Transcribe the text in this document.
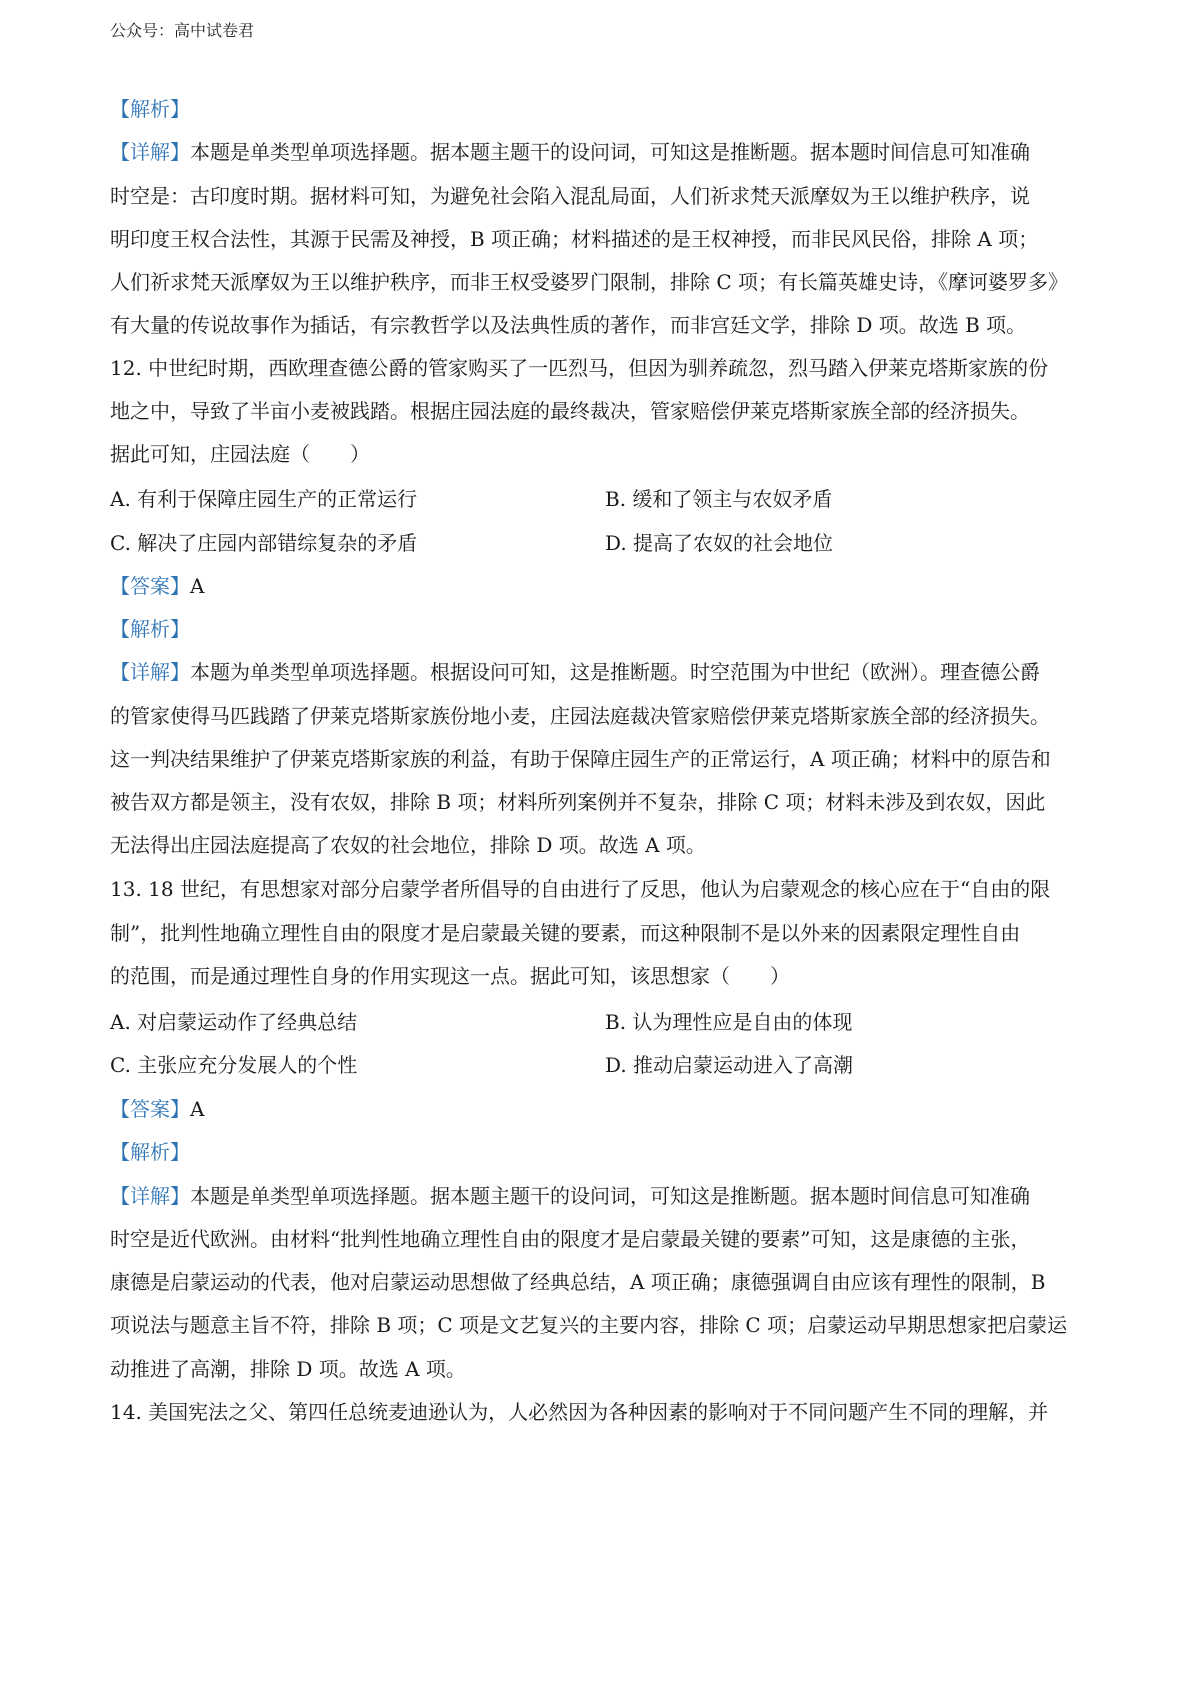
公众号：高中试卷君
【解析】
【详解】本题是单类型单项选择题。据本题主题干的设问词，可知这是推断题。据本题时间信息可知准确
时空是：古印度时期。据材料可知，为避免社会陷入混乱局面，人们祈求梵天派摩奴为王以维护秩序，说
明印度王权合法性，其源于民需及神授，B 项正确；材料描述的是王权神授，而非民风民俗，排除 A 项；
人们祈求梵天派摩奴为王以维护秩序，而非王权受婆罗门限制，排除 C 项；有长篇英雄史诗，《摩诃婆罗多》
有大量的传说故事作为插话，有宗教哲学以及法典性质的著作，而非宫廷文学，排除 D 项。故选 B 项。
12. 中世纪时期，西欧理查德公爵的管家购买了一匹烈马，但因为驯养疏忽，烈马踏入伊莱克塔斯家族的份
地之中，导致了半亩小麦被践踏。根据庄园法庭的最终裁决，管家赔偿伊莱克塔斯家族全部的经济损失。
据此可知，庄园法庭（　　）
A. 有利于保障庄园生产的正常运行	B. 缓和了领主与农奴矛盾
C. 解决了庄园内部错综复杂的矛盾	D. 提高了农奴的社会地位
【答案】A
【解析】
【详解】本题为单类型单项选择题。根据设问可知，这是推断题。时空范围为中世纪（欧洲）。理查德公爵
的管家使得马匹践踏了伊莱克塔斯家族份地小麦，庄园法庭裁决管家赔偿伊莱克塔斯家族全部的经济损失。
这一判决结果维护了伊莱克塔斯家族的利益，有助于保障庄园生产的正常运行，A 项正确；材料中的原告和
被告双方都是领主，没有农奴，排除 B 项；材料所列案例并不复杂，排除 C 项；材料未涉及到农奴，因此
无法得出庄园法庭提高了农奴的社会地位，排除 D 项。故选 A 项。
13. 18 世纪，有思想家对部分启蒙学者所倡导的自由进行了反思，他认为启蒙观念的核心应在于“自由的限
制”，批判性地确立理性自由的限度才是启蒙最关键的要素，而这种限制不是以外来的因素限定理性自由
的范围，而是通过理性自身的作用实现这一点。据此可知，该思想家（　　）
A. 对启蒙运动作了经典总结	B. 认为理性应是自由的体现
C. 主张应充分发展人的个性	D. 推动启蒙运动进入了高潮
【答案】A
【解析】
【详解】本题是单类型单项选择题。据本题主题干的设问词，可知这是推断题。据本题时间信息可知准确
时空是近代欧洲。由材料“批判性地确立理性自由的限度才是启蒙最关键的要素”可知，这是康德的主张，
康德是启蒙运动的代表，他对启蒙运动思想做了经典总结，A 项正确；康德强调自由应该有理性的限制，B
项说法与题意主旨不符，排除 B 项；C 项是文艺复兴的主要内容，排除 C 项；启蒙运动早期思想家把启蒙运
动推进了高潮，排除 D 项。故选 A 项。
14. 美国宪法之父、第四任总统麦迪逊认为，人必然因为各种因素的影响对于不同问题产生不同的理解，并
